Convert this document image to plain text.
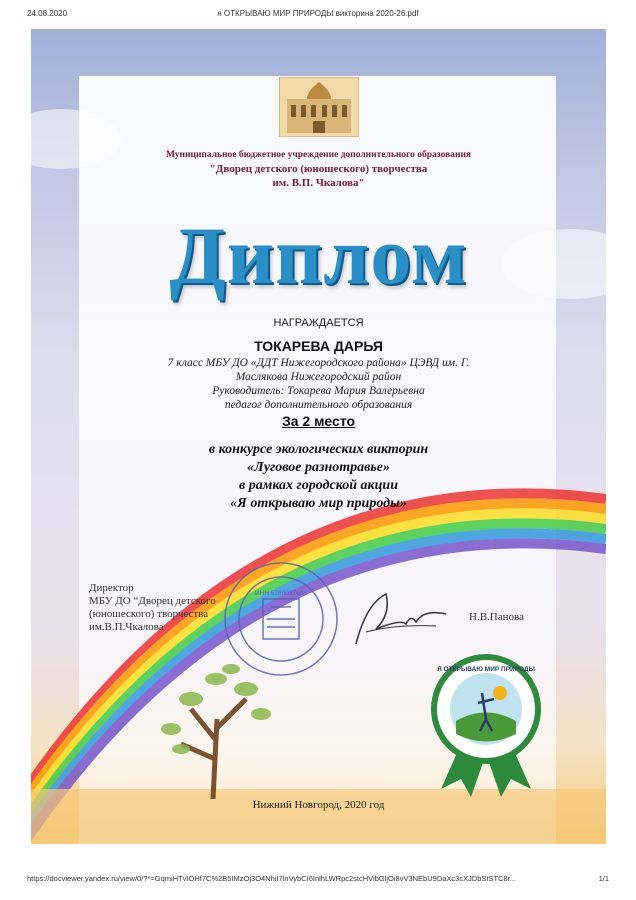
24.08.2020	я ОТКРЫВАЮ МИР ПРИРОДЫ викторина 2020-26.pdf
Муниципальное бюджетное учреждение дополнительного образования
"Дворец детского (юношеского) творчества
им. В.П. Чкалова"
Диплом
НАГРАЖДАЕТСЯ
ТОКАРЕВА ДАРЬЯ
7 класс МБУ ДО «ДДТ Нижегородского района» ЦЭВД им. Г.
Маслякова Нижегородский район
Руководитель: Токарева Мария Валерьевна
педагог дополнительного образования
За 2 место
в конкурсе экологических викторин
«Луговое разнотравье»
в рамках городской акции
«Я открываю мир природы»
Директор
МБУ ДО “Дворец детского
(юношеского) творчества
им.В.П.Чкалова
ИНН 5260037600
Н.В.Панова
Я ОТКРЫВАЮ МИР ПРИРОДЫ
Нижний Новгород, 2020 год
https://docviewer.yandex.ru/view/0/?*=GqmiHTvIOHf7C%2B5IMzOj3O4NhiI7lnVybCI6InlhLWRpc2stcHVibGljOi8vV3NEbU9DaXc3cXJDbStSTC8r...	1/1
